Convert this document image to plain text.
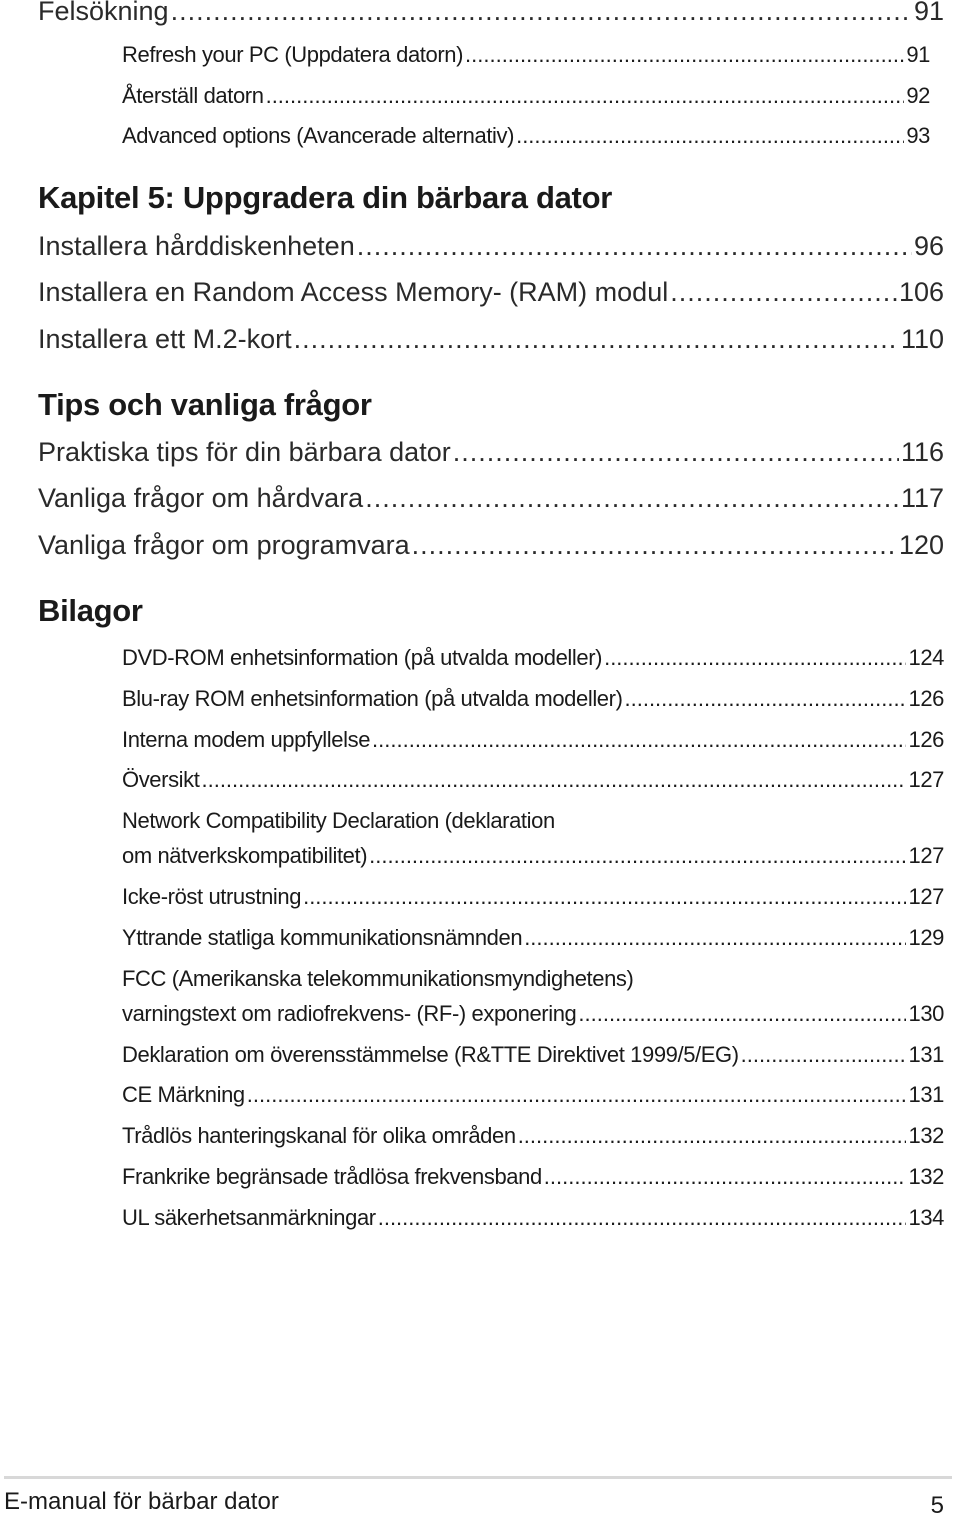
Felsökning .....	91
Refresh your PC (Uppdatera datorn) .....	91
Återställ datorn .....	92
Advanced options (Avancerade alternativ) .....	93
Kapitel 5: Uppgradera din bärbara dator
Installera hårddiskenheten .....	96
Installera en Random Access Memory- (RAM) modul .....	106
Installera ett M.2-kort .....	110
Tips och vanliga frågor
Praktiska tips för din bärbara dator .....	116
Vanliga frågor om hårdvara .....	117
Vanliga frågor om programvara .....	120
Bilagor
DVD-ROM enhetsinformation (på utvalda modeller) .....	124
Blu-ray ROM enhetsinformation (på utvalda modeller) .....	126
Interna modem uppfyllelse .....	126
Översikt .....	127
Network Compatibility Declaration (deklaration
om nätverkskompatibilitet) .....	127
Icke-röst utrustning .....	127
Yttrande statliga kommunikationsnämnden .....	129
FCC (Amerikanska telekommunikationsmyndighetens)
varningstext om radiofrekvens- (RF-) exponering .....	130
Deklaration om överensstämmelse (R&TTE Direktivet 1999/5/EG) .....	131
CE Märkning .....	131
Trådlös hanteringskanal för olika områden .....	132
Frankrike begränsade trådlösa frekvensband .....	132
UL säkerhetsanmärkningar .....	134
E-manual för bärbar dator	5
